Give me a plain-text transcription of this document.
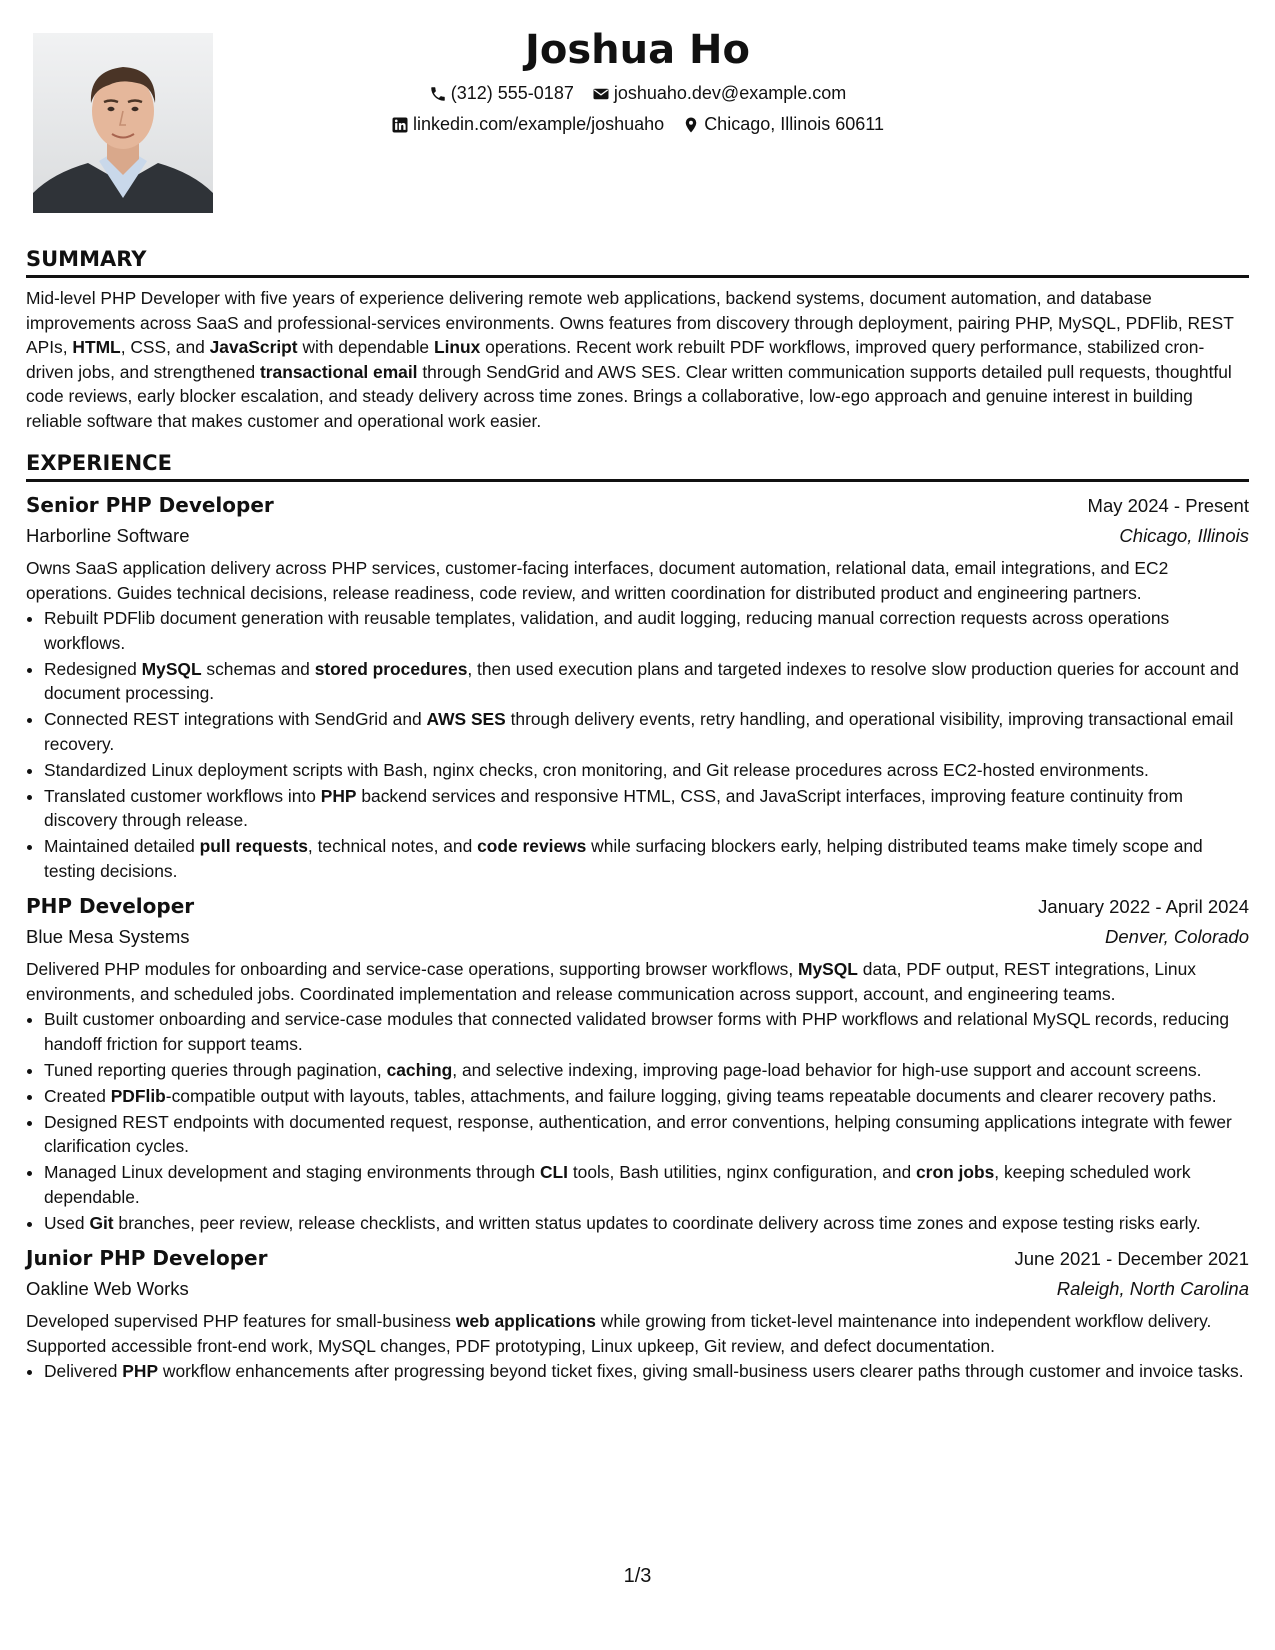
Joshua Ho
(312) 555-0187 joshuaho.dev@example.com
linkedin.com/example/joshuaho Chicago, Illinois 60611
SUMMARY

Mid-level PHP Developer with five years of experience delivering remote web applications, backend systems, document automation, and database improvements across SaaS and professional-services environments. Owns features from discovery through deployment, pairing PHP, MySQL, PDFlib, REST APIs, HTML, CSS, and JavaScript with dependable Linux operations. Recent work rebuilt PDF workflows, improved query performance, stabilized cron-driven jobs, and strengthened transactional email through SendGrid and AWS SES. Clear written communication supports detailed pull requests, thoughtful code reviews, early blocker escalation, and steady delivery across time zones. Brings a collaborative, low-ego approach and genuine interest in building reliable software that makes customer and operational work easier.

EXPERIENCE
Senior PHP Developer	May 2024 - Present
Harborline Software	Chicago, Illinois

Owns SaaS application delivery across PHP services, customer-facing interfaces, document automation, relational data, email integrations, and EC2 operations. Guides technical decisions, release readiness, code review, and written coordination for distributed product and engineering partners.

• Rebuilt PDFlib document generation with reusable templates, validation, and audit logging, reducing manual correction requests across operations workflows.
• Redesigned MySQL schemas and stored procedures, then used execution plans and targeted indexes to resolve slow production queries for account and document processing.
• Connected REST integrations with SendGrid and AWS SES through delivery events, retry handling, and operational visibility, improving transactional email recovery.
• Standardized Linux deployment scripts with Bash, nginx checks, cron monitoring, and Git release procedures across EC2-hosted environments.
• Translated customer workflows into PHP backend services and responsive HTML, CSS, and JavaScript interfaces, improving feature continuity from discovery through release.
• Maintained detailed pull requests, technical notes, and code reviews while surfacing blockers early, helping distributed teams make timely scope and testing decisions.
PHP Developer	January 2022 - April 2024
Blue Mesa Systems	Denver, Colorado

Delivered PHP modules for onboarding and service-case operations, supporting browser workflows, MySQL data, PDF output, REST integrations, Linux environments, and scheduled jobs. Coordinated implementation and release communication across support, account, and engineering teams.

• Built customer onboarding and service-case modules that connected validated browser forms with PHP workflows and relational MySQL records, reducing handoff friction for support teams.
• Tuned reporting queries through pagination, caching, and selective indexing, improving page-load behavior for high-use support and account screens.
• Created PDFlib-compatible output with layouts, tables, attachments, and failure logging, giving teams repeatable documents and clearer recovery paths.
• Designed REST endpoints with documented request, response, authentication, and error conventions, helping consuming applications integrate with fewer clarification cycles.
• Managed Linux development and staging environments through CLI tools, Bash utilities, nginx configuration, and cron jobs, keeping scheduled work dependable.
• Used Git branches, peer review, release checklists, and written status updates to coordinate delivery across time zones and expose testing risks early.
Junior PHP Developer	June 2021 - December 2021
Oakline Web Works	Raleigh, North Carolina

Developed supervised PHP features for small-business web applications while growing from ticket-level maintenance into independent workflow delivery. Supported accessible front-end work, MySQL changes, PDF prototyping, Linux upkeep, Git review, and defect documentation.

• Delivered PHP workflow enhancements after progressing beyond ticket fixes, giving small-business users clearer paths through customer and invoice tasks.
1/3
